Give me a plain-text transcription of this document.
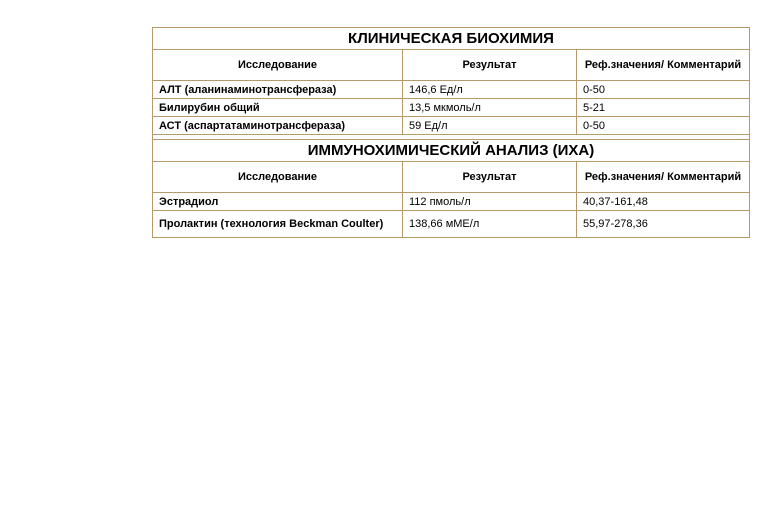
КЛИНИЧЕСКАЯ БИОХИМИЯ		
Исследование	Результат	Реф.значения/ Комментарий
АЛТ (аланинаминотрансфераза)	146,6 Ед/л	0-50
Билирубин общий	13,5 мкмоль/л	5-21
АСТ (аспартатаминотрансфераза)	59 Ед/л	0-50

ИММУНОХИМИЧЕСКИЙ АНАЛИЗ (ИХА)		
Исследование	Результат	Реф.значения/ Комментарий
Эстрадиол	112 пмоль/л	40,37-161,48
Пролактин (технология Beckman Coulter)	138,66 мМЕ/л	55,97-278,36
